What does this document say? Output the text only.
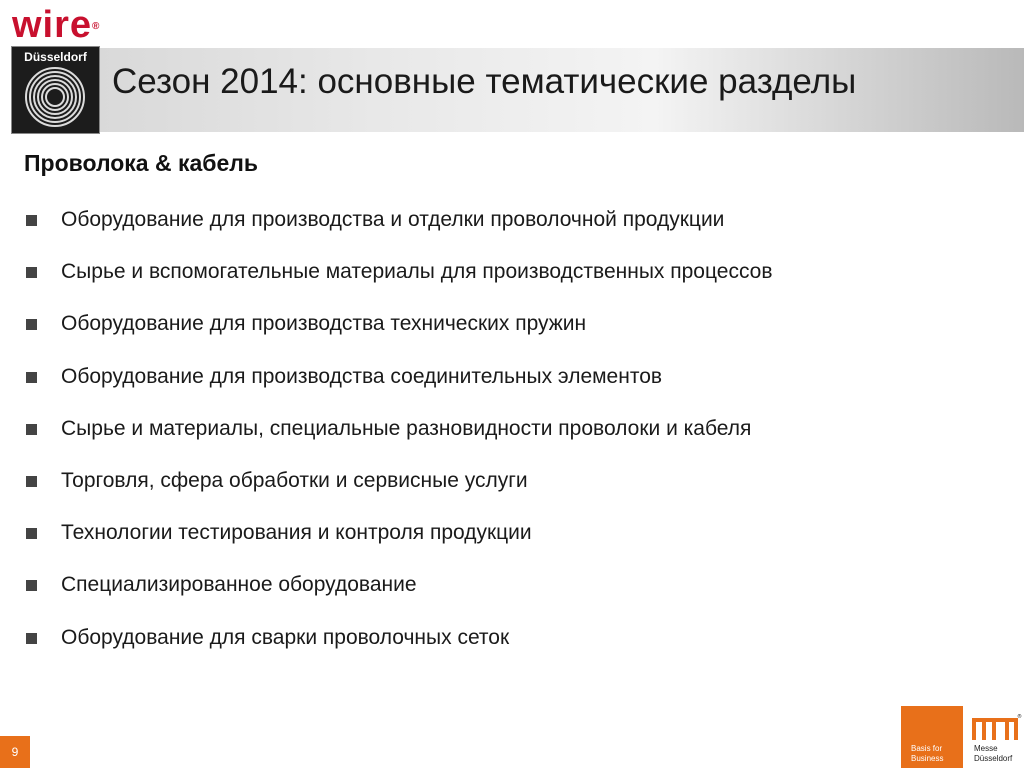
wire®
Düsseldorf
Сезон 2014: основные тематические разделы
Проволока & кабель
Оборудование для производства и отделки проволочной продукции
Сырье и вспомогательные материалы для производственных процессов
Оборудование для производства технических пружин
Оборудование для производства соединительных элементов
Сырье и материалы, специальные разновидности проволоки и кабеля
Торговля, сфера обработки и сервисные услуги
Технологии тестирования и контроля продукции
Специализированное оборудование
Оборудование для сварки проволочных сеток
9	Basis for
Business
®
Messe
Düsseldorf
